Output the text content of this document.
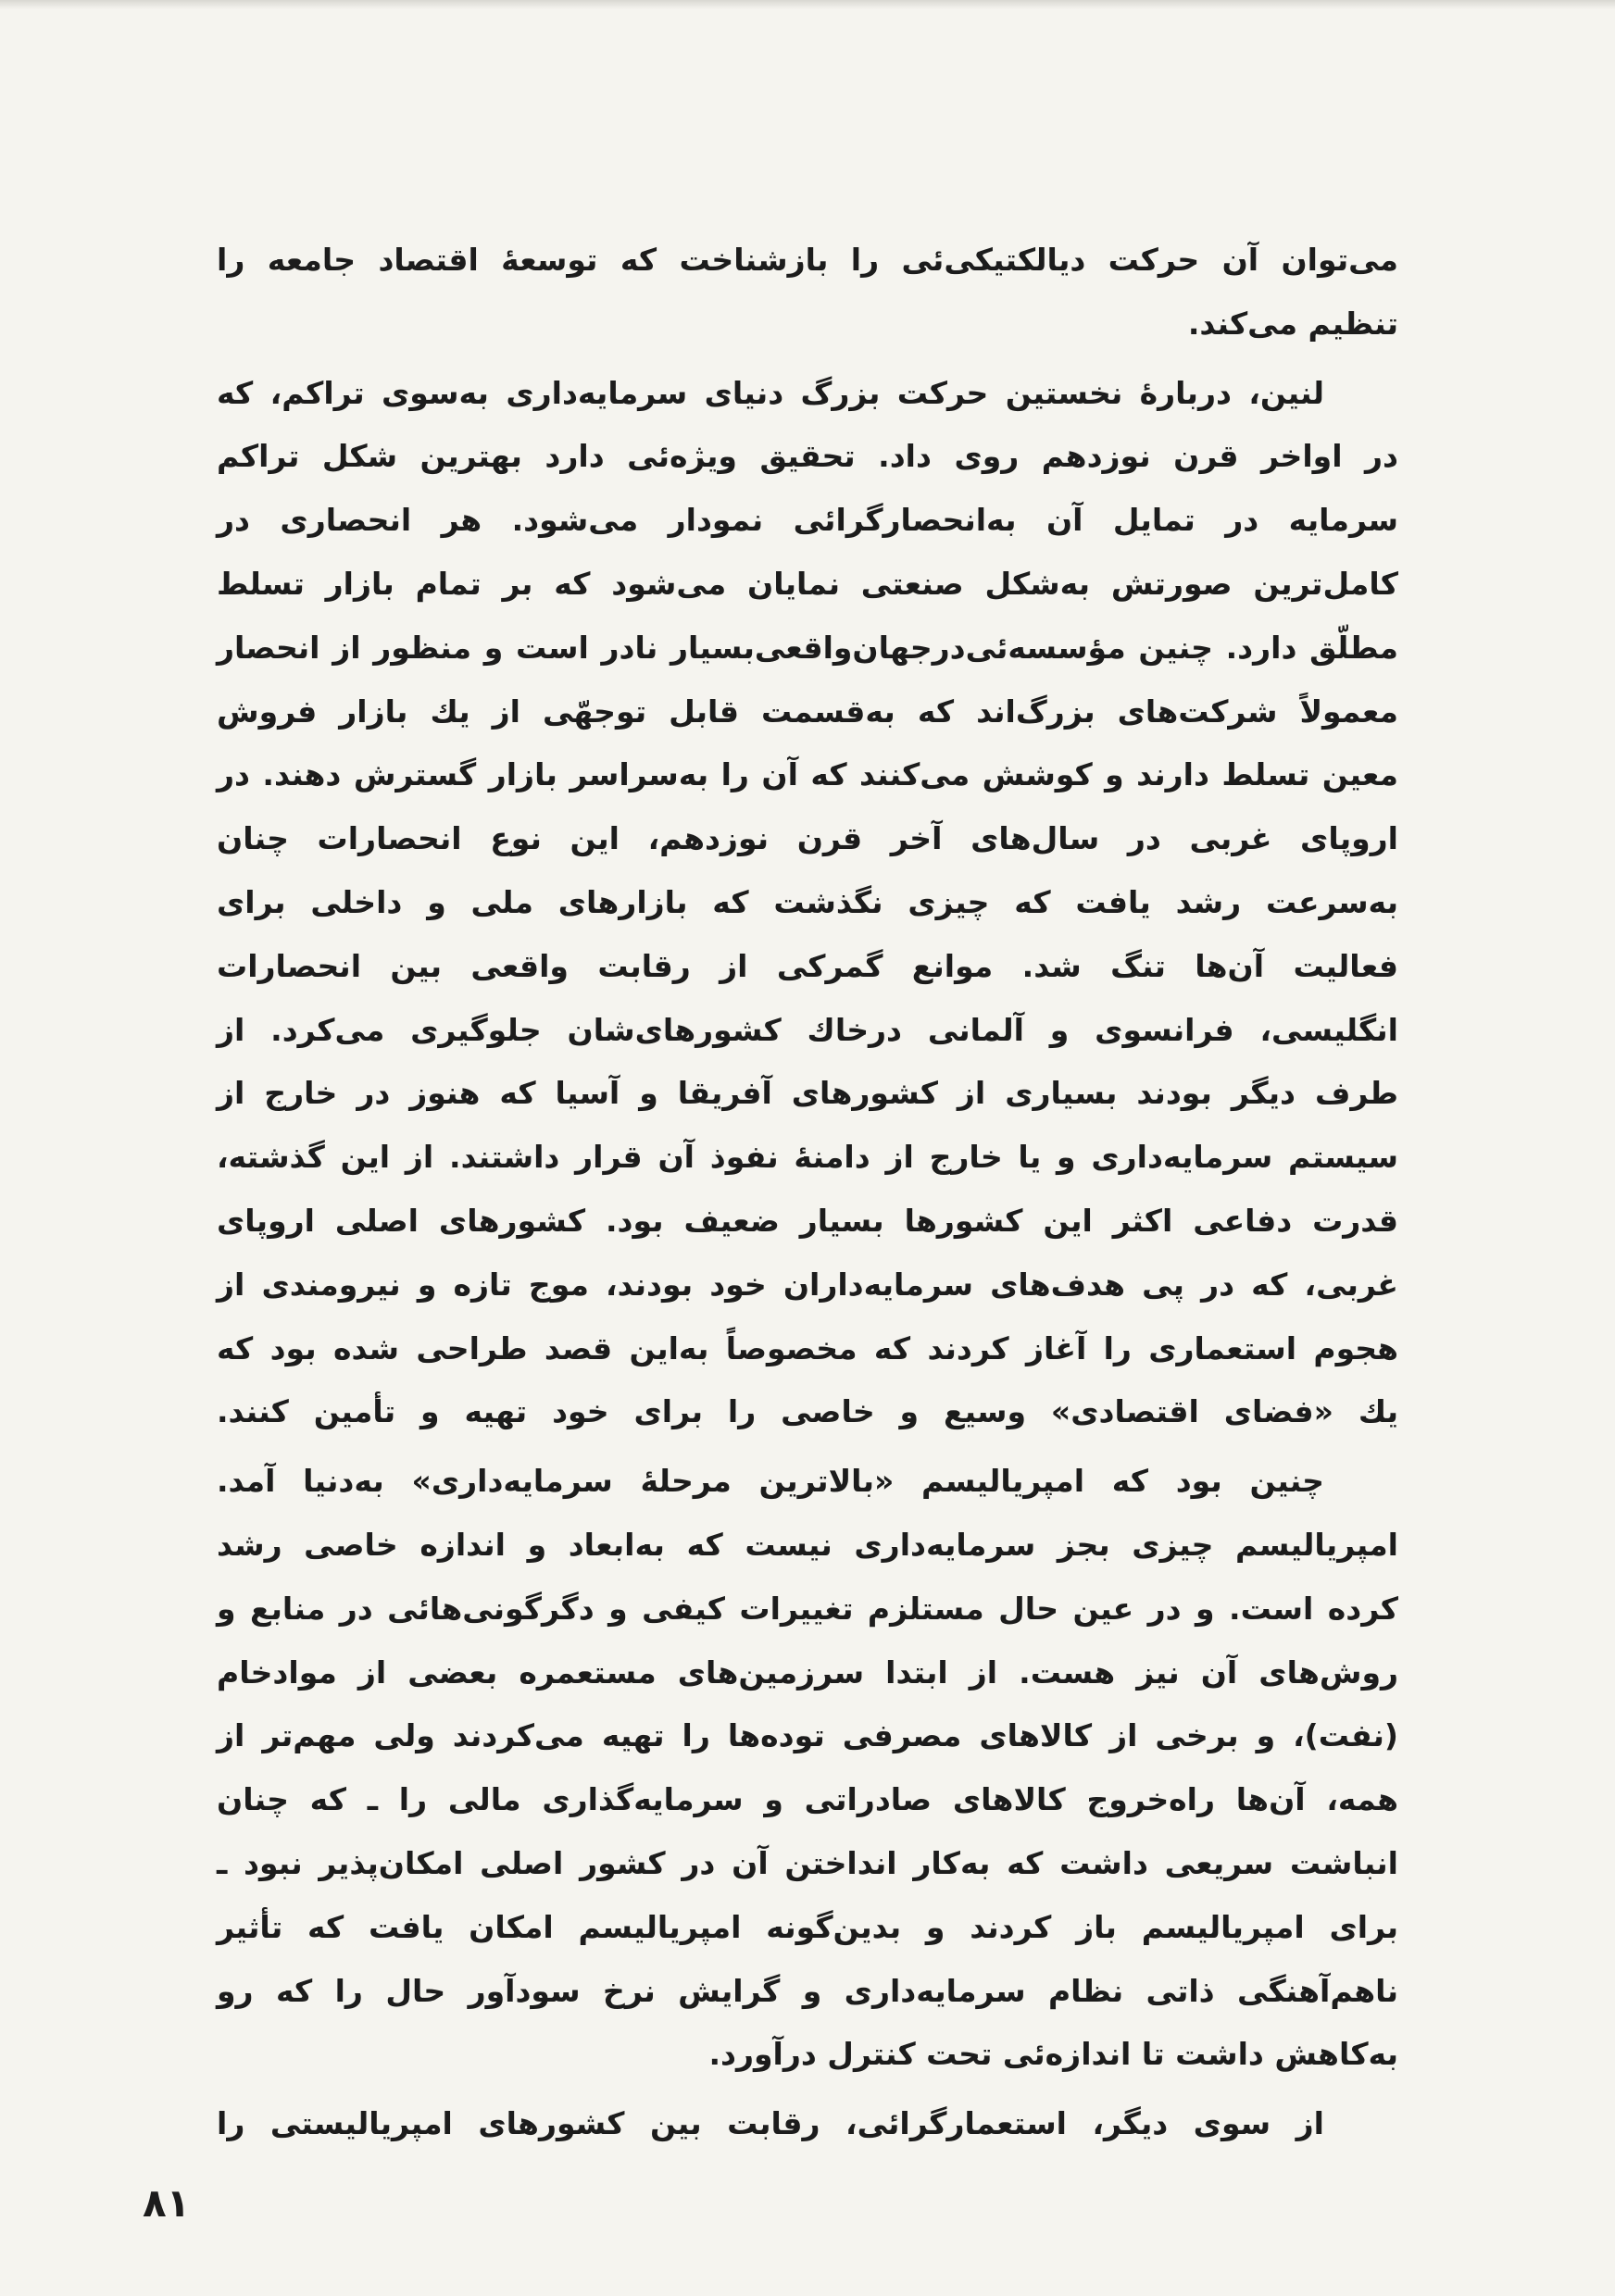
می‌توان آن حرکت دیالکتیکی‌ئی را بازشناخت که توسعهٔ اقتصاد جامعه را
تنظیم می‌کند.
لنین، دربارهٔ نخستین حرکت بزرگ دنیای سرمایه‌داری به‌سوی تراکم، که
در اواخر قرن نوزدهم روی داد. تحقیق ویژه‌ئی دارد بهترین شکل تراکم
سرمایه در تمایل آن به‌انحصارگرائی نمودار می‌شود. هر انحصاری در
کامل‌ترین صورتش به‌شکل صنعتی نمایان می‌شود که بر تمام بازار تسلط
مطلّق دارد. چنین مؤسسه‌ئی‌درجهان‌واقعی‌بسیار نادر است و منظور از انحصار
معمولاً شرکت‌های بزرگ‌اند که به‌قسمت قابل توجهّی از یك بازار فروش
معین تسلط دارند و کوشش می‌کنند که آن را به‌سراسر بازار گسترش دهند. در
اروپای غربی در سال‌های آخر قرن نوزدهم، این نوع انحصارات چنان
به‌سرعت رشد یافت که چیزی نگذشت که بازارهای ملی و داخلی برای
فعالیت آن‌ها تنگ شد. موانع گمرکی از رقابت واقعی بین انحصارات
انگلیسی، فرانسوی و آلمانی درخاك کشورهای‌شان جلوگیری می‌کرد. از
طرف دیگر بودند بسیاری از کشورهای آفریقا و آسیا که هنوز در خارج از
سیستم سرمایه‌داری و یا خارج از دامنهٔ نفوذ آن قرار داشتند. از این گذشته،
قدرت دفاعی اکثر این کشورها بسیار ضعیف بود. کشورهای اصلی اروپای
غربی، که در پی هدف‌های سرمایه‌داران خود بودند، موج تازه و نیرومندی از
هجوم استعماری را آغاز کردند که مخصوصاً به‌این قصد طراحی شده بود که
یك «فضای اقتصادی» وسیع و خاصی را برای خود تهیه و تأمین کنند.
چنین بود که امپریالیسم «بالاترین مرحلهٔ سرمایه‌داری» به‌دنیا آمد.
امپریالیسم چیزی بجز سرمایه‌داری نیست که به‌ابعاد و اندازه خاصی رشد
کرده است. و در عین حال مستلزم تغییرات کیفی و دگرگونی‌هائی در منابع و
روش‌های آن نیز هست. از ابتدا سرزمین‌های مستعمره بعضی از موادخام
(نفت)، و برخی از کالاهای مصرفی توده‌ها را تهیه می‌کردند ولی مهم‌تر از
همه، آن‌ها راه‌خروج کالاهای صادراتی و سرمایه‌گذاری مالی را ـ که چنان
انباشت سریعی داشت که به‌کار انداختن آن در کشور اصلی امکان‌پذیر نبود ـ
برای امپریالیسم باز کردند و بدین‌گونه امپریالیسم امکان یافت که تأثیر
ناهم‌آهنگی ذاتی نظام سرمایه‌داری و گرایش نرخ سودآور حال را که رو
به‌کاهش داشت تا اندازه‌ئی تحت کنترل درآورد.
از سوی دیگر، استعمارگرائی، رقابت بین کشورهای امپریالیستی را
۸۱
